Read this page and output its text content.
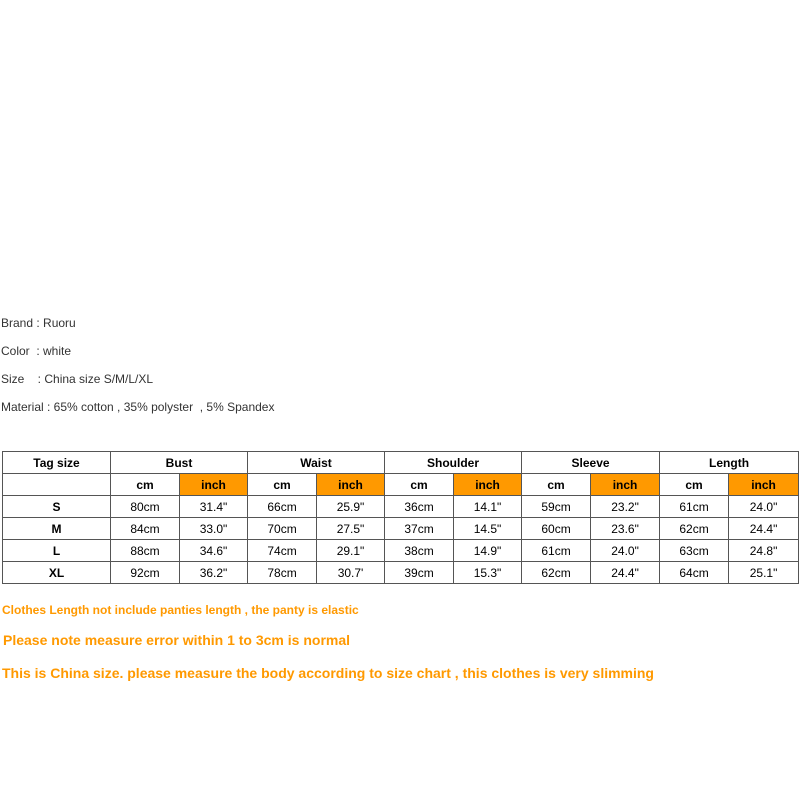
Brand : Ruoru
Color  : white
Size    : China size S/M/L/XL
Material : 65% cotton , 35% polyster  , 5% Spandex
Tag size	Bust		Waist		Shoulder		Sleeve		Length	
	cm	inch	cm	inch	cm	inch	cm	inch	cm	inch
S	80cm	31.4"	66cm	25.9"	36cm	14.1"	59cm	23.2"	61cm	24.0"
M	84cm	33.0"	70cm	27.5"	37cm	14.5"	60cm	23.6"	62cm	24.4"
L	88cm	34.6"	74cm	29.1"	38cm	14.9"	61cm	24.0"	63cm	24.8"
XL	92cm	36.2"	78cm	30.7'	39cm	15.3"	62cm	24.4"	64cm	25.1"
Clothes Length not include panties length , the panty is elastic
Please note measure error within 1 to 3cm is normal
This is China size. please measure the body according to size chart , this clothes is very slimming
